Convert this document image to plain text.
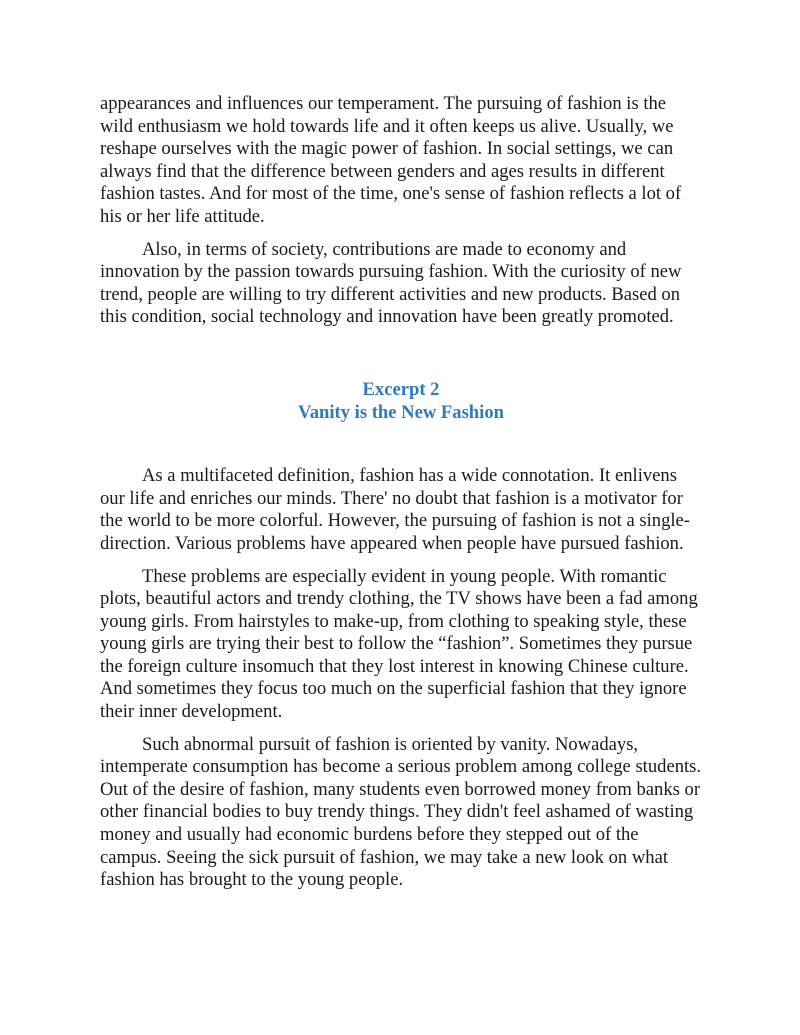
appearances and influences our temperament. The pursuing of fashion is the wild enthusiasm we hold towards life and it often keeps us alive. Usually, we reshape ourselves with the magic power of fashion. In social settings, we can always find that the difference between genders and ages results in different fashion tastes. And for most of the time, one's sense of fashion reflects a lot of his or her life attitude.

Also, in terms of society, contributions are made to economy and innovation by the passion towards pursuing fashion. With the curiosity of new trend, people are willing to try different activities and new products. Based on this condition, social technology and innovation have been greatly promoted.

Excerpt 2
Vanity is the New Fashion

As a multifaceted definition, fashion has a wide connotation. It enlivens our life and enriches our minds. There' no doubt that fashion is a motivator for the world to be more colorful. However, the pursuing of fashion is not a single-direction. Various problems have appeared when people have pursued fashion.

These problems are especially evident in young people. With romantic plots, beautiful actors and trendy clothing, the TV shows have been a fad among young girls. From hairstyles to make-up, from clothing to speaking style, these young girls are trying their best to follow the “fashion”. Sometimes they pursue the foreign culture insomuch that they lost interest in knowing Chinese culture. And sometimes they focus too much on the superficial fashion that they ignore their inner development.

Such abnormal pursuit of fashion is oriented by vanity. Nowadays, intemperate consumption has become a serious problem among college students. Out of the desire of fashion, many students even borrowed money from banks or other financial bodies to buy trendy things. They didn't feel ashamed of wasting money and usually had economic burdens before they stepped out of the campus. Seeing the sick pursuit of fashion, we may take a new look on what fashion has brought to the young people.
